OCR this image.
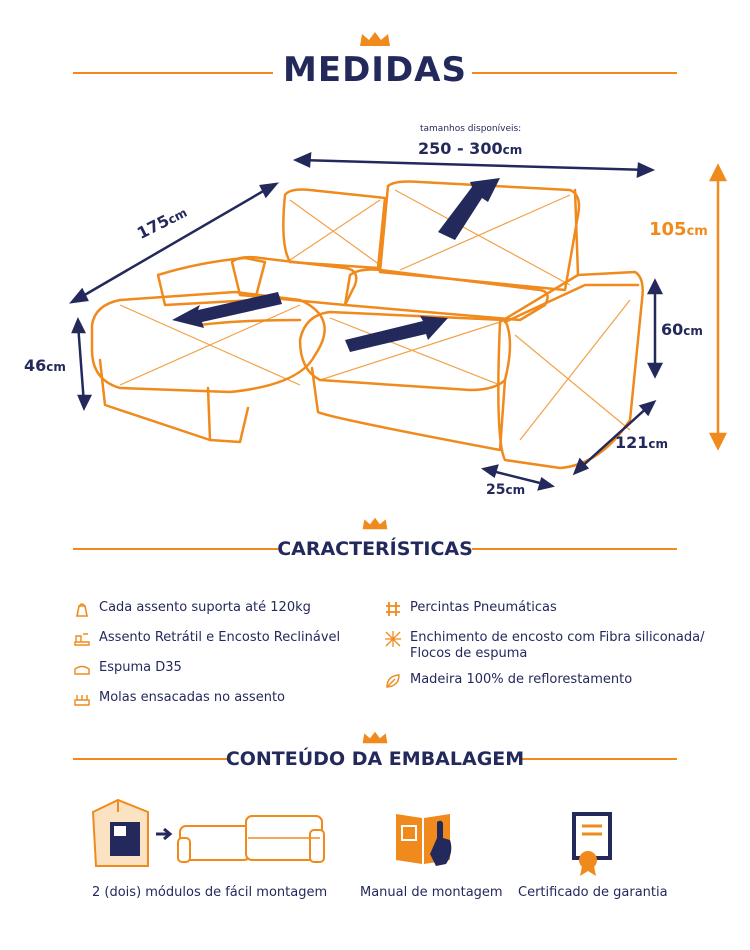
MEDIDAS
tamanhos disponíveis:
250 - 300cm
175cm
46cm
105cm
60cm
121cm
25cm
CARACTERÍSTICAS
Cada assento suporta até 120kg
Assento Retrátil e Encosto Reclinável
Espuma D35
Molas ensacadas no assento
Percintas Pneumáticas
Enchimento de encosto com Fibra siliconada/
Flocos de espuma
Madeira 100% de reflorestamento
CONTEÚDO DA EMBALAGEM
2 (dois) módulos de fácil montagem	Manual de montagem Certificado de garantia
